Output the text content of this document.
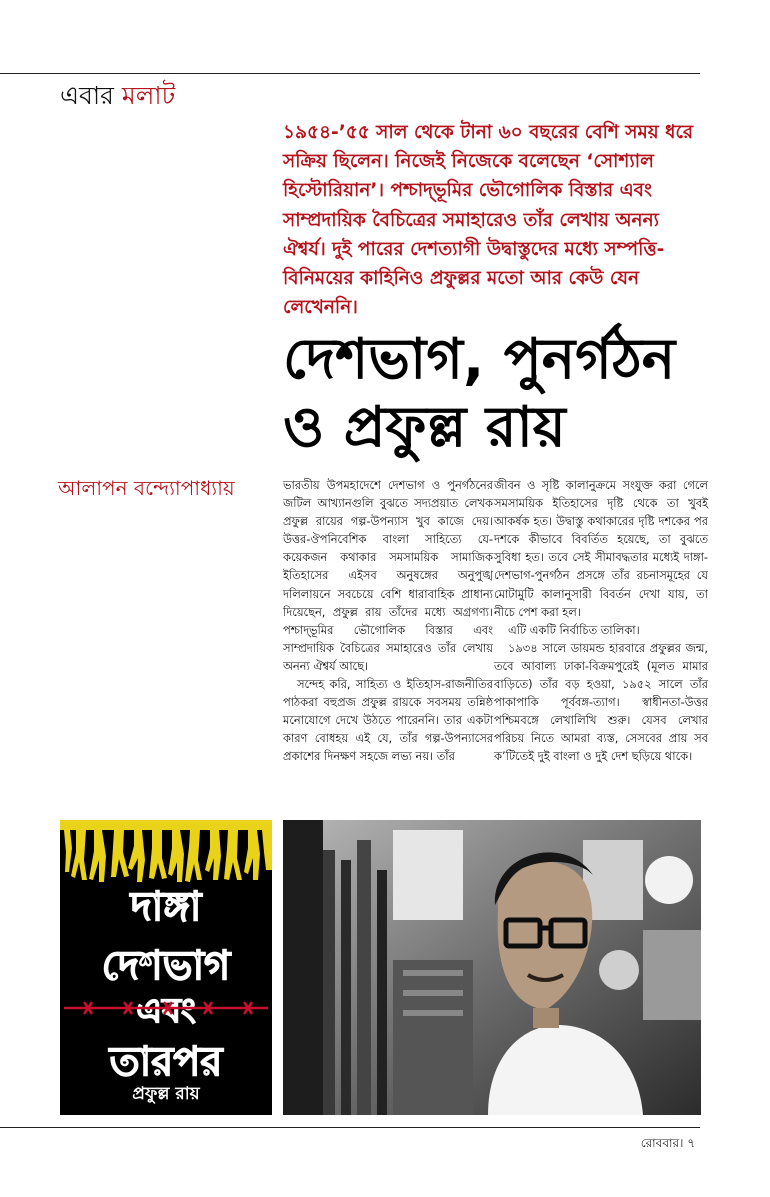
এবার মলাট
১৯৫৪-’৫৫ সাল থেকে টানা ৬০ বছরের বেশি সময় ধরে সক্রিয় ছিলেন। নিজেই নিজেকে বলেছেন ‘সোশ্যাল হিস্টোরিয়ান’। পশ্চাদ্‌ভূমির ভৌগোলিক বিস্তার এবং সাম্প্রদায়িক বৈচিত্রের সমাহারেও তাঁর লেখায় অনন্য ঐশ্বর্য। দুই পারের দেশত্যাগী উদ্বাস্তুদের মধ্যে সম্পত্তি-বিনিময়ের কাহিনিও প্রফুল্লর মতো আর কেউ যেন লেখেননি।
দেশভাগ, পুনর্গঠন
ও প্রফুল্ল রায়
আলাপন বন্দ্যোপাধ্যায়	ভারতীয় উপমহাদেশে দেশভাগ ও পুনর্গঠনের জটিল আখ্যানগুলি বুঝতে সদ্যপ্রয়াত লেখক প্রফুল্ল রায়ের গল্প-উপন্যাস খুব কাজে দেয়। উত্তর-ঔপনিবেশিক বাংলা সাহিত্যে যে-কয়েকজন কথাকার সমসাময়িক সামাজিক ইতিহাসের এইসব অনুষঙ্গের অনুপুঙ্খ দলিলায়নে সবচেয়ে বেশি ধারাবাহিক প্রাধান্য দিয়েছেন, প্রফুল্ল রায় তাঁদের মধ্যে অগ্রগণ্য। পশ্চাদ্‌ভূমির ভৌগোলিক বিস্তার এবং সাম্প্রদায়িক বৈচিত্রের সমাহারেও তাঁর লেখায় অনন্য ঐশ্বর্য আছে।

সন্দেহ করি, সাহিত্য ও ইতিহাস-রাজনীতির পাঠকরা বহুপ্রজ প্রফুল্ল রায়কে সবসময় তন্নিষ্ঠ মনোযোগে দেখে উঠতে পারেননি। তার একটা কারণ বোধহয় এই যে, তাঁর গল্প-উপন্যাসের প্রকাশের দিনক্ষণ সহজে লভ্য নয়। তাঁর

জীবন ও সৃষ্টি কালানুক্রমে সংযুক্ত করা গেলে সমসাময়িক ইতিহাসের দৃষ্টি থেকে তা খুবই আকর্ষক হত। উদ্বাস্তু কথাকারের দৃষ্টি দশকের পর দশকে কীভাবে বিবর্তিত হয়েছে, তা বুঝতে সুবিধা হত। তবে সেই সীমাবদ্ধতার মধ্যেই দাঙ্গা-দেশভাগ-পুনর্গঠন প্রসঙ্গে তাঁর রচনাসমূহের যে মোটামুটি কালানুসারী বিবর্তন দেখা যায়, তা নীচে পেশ করা হল।

এটি একটি নির্বাচিত তালিকা।

১৯৩৪ সালে ডায়মন্ড হারবারে প্রফুল্লর জন্ম, তবে আবাল্য ঢাকা-বিক্রমপুরেই (মূলত মামার বাড়িতে) তাঁর বড় হওয়া, ১৯৫২ সালে তাঁর পাকাপাকি পূর্ববঙ্গ-ত্যাগ। স্বাধীনতা-উত্তর পশ্চিমবঙ্গে লেখালিখি শুরু। যেসব লেখার পরিচয় নিতে আমরা ব্যস্ত, সেসবের প্রায় সব ক’টিতেই দুই বাংলা ও দুই দেশ ছড়িয়ে থাকে।

দাঙ্গা
দেশভাগ
এবং
তারপর
প্রফুল্ল রায়
রোববার। ৭
